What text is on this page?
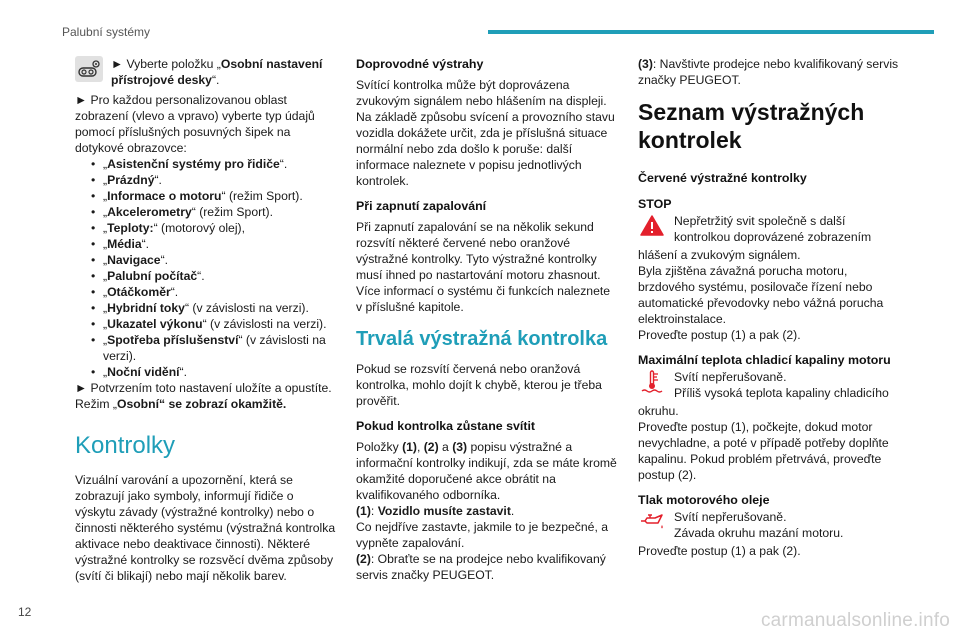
Palubní systémy

► Vyberte položku „Osobní nastavení přístrojové desky“.

► Pro každou personalizovanou oblast zobrazení (vlevo a vpravo) vyberte typ údajů pomocí příslušných posuvných šipek na dotykové obrazovce:

• „Asistenční systémy pro řidiče“.
• „Prázdný“.
• „Informace o motoru“ (režim Sport).
• „Akcelerometry“ (režim Sport).
• „Teploty:“ (motorový olej),
• „Média“.
• „Navigace“.
• „Palubní počítač“.
• „Otáčkoměr“.
• „Hybridní toky“ (v závislosti na verzi).
• „Ukazatel výkonu“ (v závislosti na verzi).
• „Spotřeba příslušenství“ (v závislosti na verzi).
• „Noční vidění“.

► Potvrzením toto nastavení uložíte a opustíte.

Režim „Osobní“ se zobrazí okamžitě.

Kontrolky

Vizuální varování a upozornění, která se zobrazují jako symboly, informují řidiče o výskytu závady (výstražné kontrolky) nebo o činnosti některého systému (výstražná kontrolka aktivace nebo deaktivace činnosti). Některé výstražné kontrolky se rozsvěcí dvěma způsoby (svítí či blikají) nebo mají několik barev.

Doprovodné výstrahy

Svítící kontrolka může být doprovázena zvukovým signálem nebo hlášením na displeji. Na základě způsobu svícení a provozního stavu vozidla dokážete určit, zda je příslušná situace normální nebo zda došlo k poruše: další informace naleznete v popisu jednotlivých kontrolek.

Při zapnutí zapalování

Při zapnutí zapalování se na několik sekund rozsvítí některé červené nebo oranžové výstražné kontrolky. Tyto výstražné kontrolky musí ihned po nastartování motoru zhasnout. Více informací o systému či funkcích naleznete v příslušné kapitole.

Trvalá výstražná kontrolka

Pokud se rozsvítí červená nebo oranžová kontrolka, mohlo dojít k chybě, kterou je třeba prověřit.

Pokud kontrolka zůstane svítit

Položky (1), (2) a (3) popisu výstražné a informační kontrolky indikují, zda se máte kromě okamžité doporučené akce obrátit na kvalifikovaného odborníka.

(1): Vozidlo musíte zastavit.

Co nejdříve zastavte, jakmile to je bezpečné, a vypněte zapalování.

(2): Obraťte se na prodejce nebo kvalifikovaný servis značky PEUGEOT.

(3): Navštivte prodejce nebo kvalifikovaný servis značky PEUGEOT.

Seznam výstražných kontrolek
Červené výstražné kontrolky
STOP

Nepřetržitý svit společně s další kontrolkou doprovázené zobrazením

hlášení a zvukovým signálem.

Byla zjištěna závažná porucha motoru, brzdového systému, posilovače řízení nebo automatické převodovky nebo vážná porucha elektroinstalace.

Proveďte postup (1) a pak (2).

Maximální teplota chladicí kapaliny motoru

Svítí nepřerušovaně.

Příliš vysoká teplota kapaliny chladicího

okruhu.

Proveďte postup (1), počkejte, dokud motor nevychladne, a poté v případě potřeby doplňte kapalinu. Pokud problém přetrvává, proveďte postup (2).

Tlak motorového oleje

Svítí nepřerušovaně.

Závada okruhu mazání motoru.

Proveďte postup (1) a pak (2).

12	carmanualsonline.info
